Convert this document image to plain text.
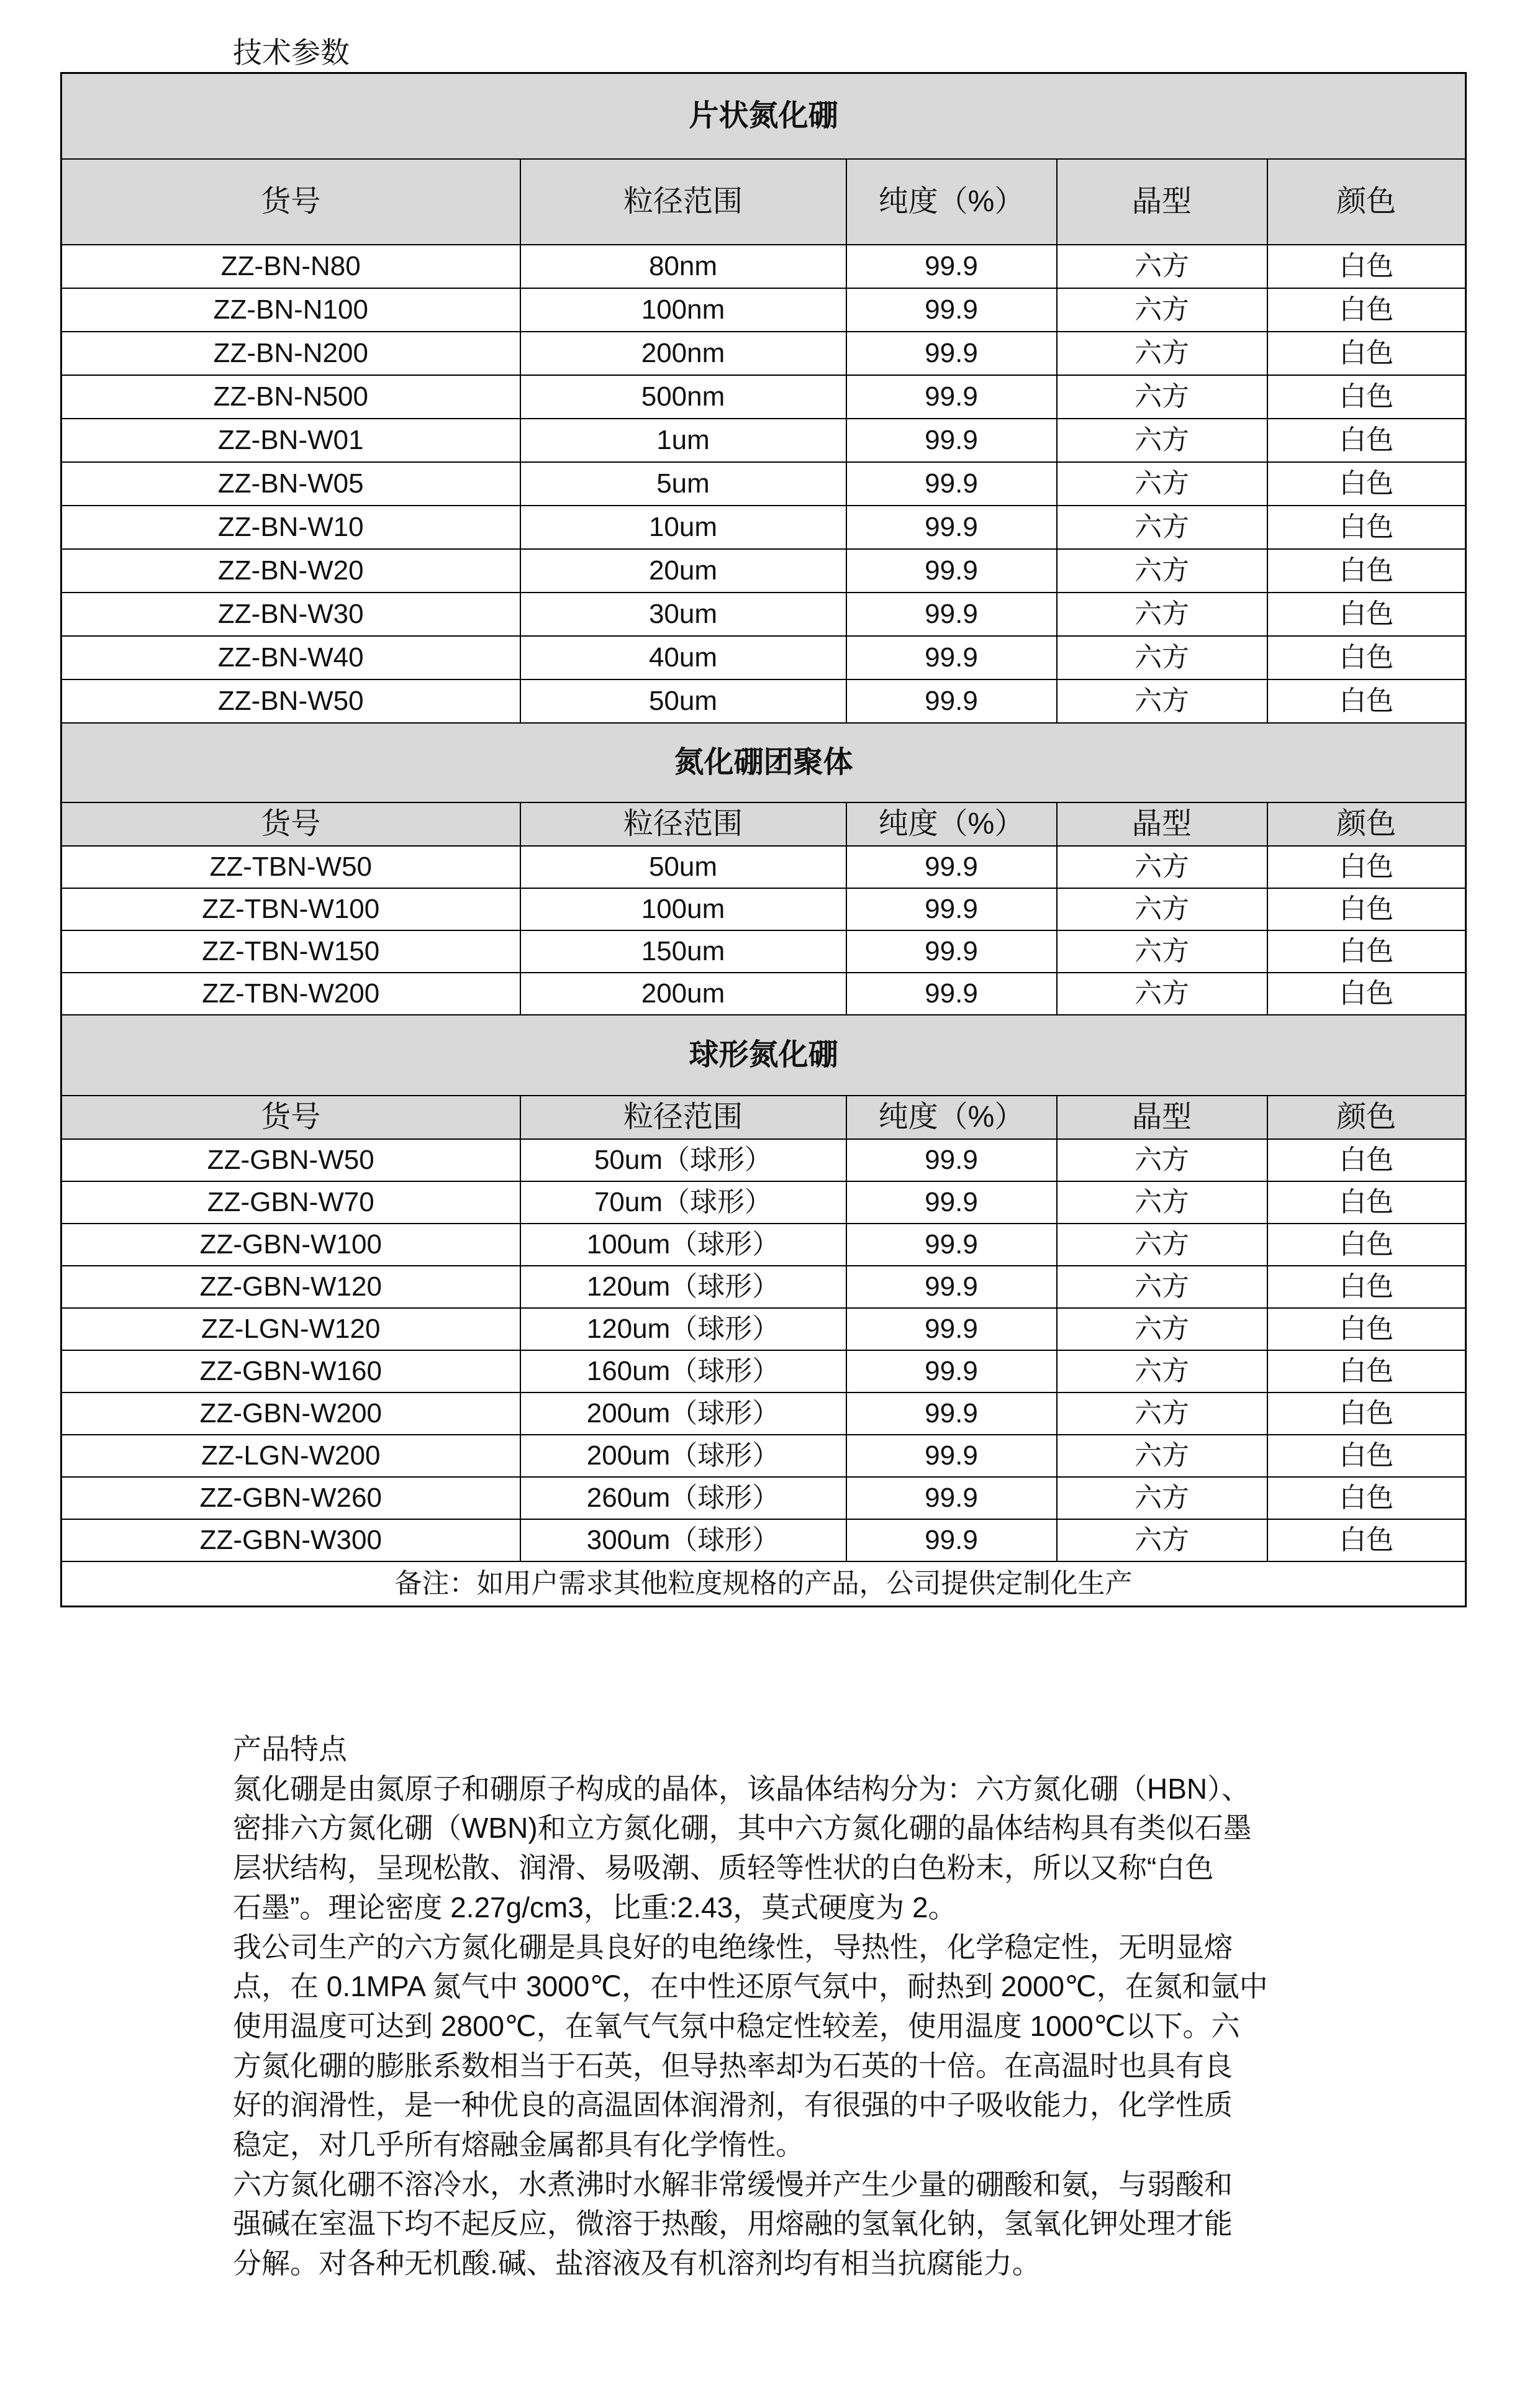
技术参数
片状氮化硼				
货号	粒径范围	纯度（%）	晶型	颜色
ZZ-BN-N80	80nm	99.9	六方	白色
ZZ-BN-N100	100nm	99.9	六方	白色
ZZ-BN-N200	200nm	99.9	六方	白色
ZZ-BN-N500	500nm	99.9	六方	白色
ZZ-BN-W01	1um	99.9	六方	白色
ZZ-BN-W05	5um	99.9	六方	白色
ZZ-BN-W10	10um	99.9	六方	白色
ZZ-BN-W20	20um	99.9	六方	白色
ZZ-BN-W30	30um	99.9	六方	白色
ZZ-BN-W40	40um	99.9	六方	白色
ZZ-BN-W50	50um	99.9	六方	白色
氮化硼团聚体				
货号	粒径范围	纯度（%）	晶型	颜色
ZZ-TBN-W50	50um	99.9	六方	白色
ZZ-TBN-W100	100um	99.9	六方	白色
ZZ-TBN-W150	150um	99.9	六方	白色
ZZ-TBN-W200	200um	99.9	六方	白色
球形氮化硼				
货号	粒径范围	纯度（%）	晶型	颜色
ZZ-GBN-W50	50um（球形）	99.9	六方	白色
ZZ-GBN-W70	70um（球形）	99.9	六方	白色
ZZ-GBN-W100	100um（球形）	99.9	六方	白色
ZZ-GBN-W120	120um（球形）	99.9	六方	白色
ZZ-LGN-W120	120um（球形）	99.9	六方	白色
ZZ-GBN-W160	160um（球形）	99.9	六方	白色
ZZ-GBN-W200	200um（球形）	99.9	六方	白色
ZZ-LGN-W200	200um（球形）	99.9	六方	白色
ZZ-GBN-W260	260um（球形）	99.9	六方	白色
ZZ-GBN-W300	300um（球形）	99.9	六方	白色
备注：如用户需求其他粒度规格的产品，公司提供定制化生产				
产品特点
氮化硼是由氮原子和硼原子构成的晶体，该晶体结构分为：六方氮化硼（HBN）、
密排六方氮化硼（WBN)和立方氮化硼，其中六方氮化硼的晶体结构具有类似石墨
层状结构，呈现松散、润滑、易吸潮、质轻等性状的白色粉末，所以又称“白色
石墨”。理论密度 2.27g/cm3，比重:2.43，莫式硬度为 2。
我公司生产的六方氮化硼是具良好的电绝缘性，导热性，化学稳定性，无明显熔
点，在 0.1MPA 氮气中 3000℃，在中性还原气氛中，耐热到 2000℃，在氮和氩中
使用温度可达到 2800℃，在氧气气氛中稳定性较差，使用温度 1000℃以下。六
方氮化硼的膨胀系数相当于石英，但导热率却为石英的十倍。在高温时也具有良
好的润滑性，是一种优良的高温固体润滑剂，有很强的中子吸收能力，化学性质
稳定，对几乎所有熔融金属都具有化学惰性。
六方氮化硼不溶冷水，水煮沸时水解非常缓慢并产生少量的硼酸和氨，与弱酸和
强碱在室温下均不起反应，微溶于热酸，用熔融的氢氧化钠，氢氧化钾处理才能
分解。对各种无机酸.碱、盐溶液及有机溶剂均有相当抗腐能力。
